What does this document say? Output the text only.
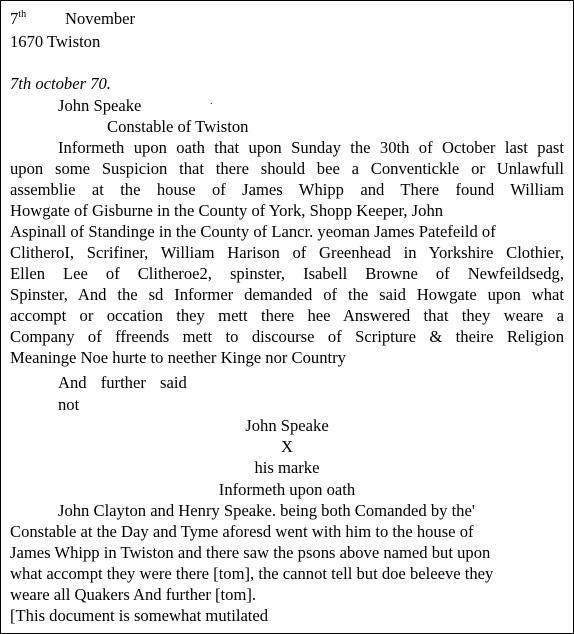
7th November
1670 Twiston
7th october 70.
John Speake	.
Constable of Twiston
Informeth upon oath that upon Sunday the 30th of October last past
upon some Suspicion that there should bee a Conventickle or Unlawfull
assemblie at the house of James Whipp and There found William
Howgate of Gisburne in the County of York, Shopp Keeper, John
Aspinall of Standinge in the County of Lancr. yeoman James Patefeild of
ClitheroI, Scrifiner, William Harison of Greenhead in Yorkshire Clothier,
Ellen Lee of Clitheroe2, spinster, Isabell Browne of Newfeildsedg,
Spinster, And the sd Informer demanded of the said Howgate upon what
accompt or occation they mett there hee Answered that they weare a
Company of ffreends mett to discourse of Scripture & theire Religion
Meaninge Noe hurte to neether Kinge nor Country
And further said
not
John Speake
X
his marke
Informeth upon oath
John Clayton and Henry Speake. being both Comanded by the'
Constable at the Day and Tyme aforesd went with him to the house of
James Whipp in Twiston and there saw the psons above named but upon
what accompt they were there [tom], the cannot tell but doe beleeve they
weare all Quakers And further [tom].
[This document is somewhat mutilated
